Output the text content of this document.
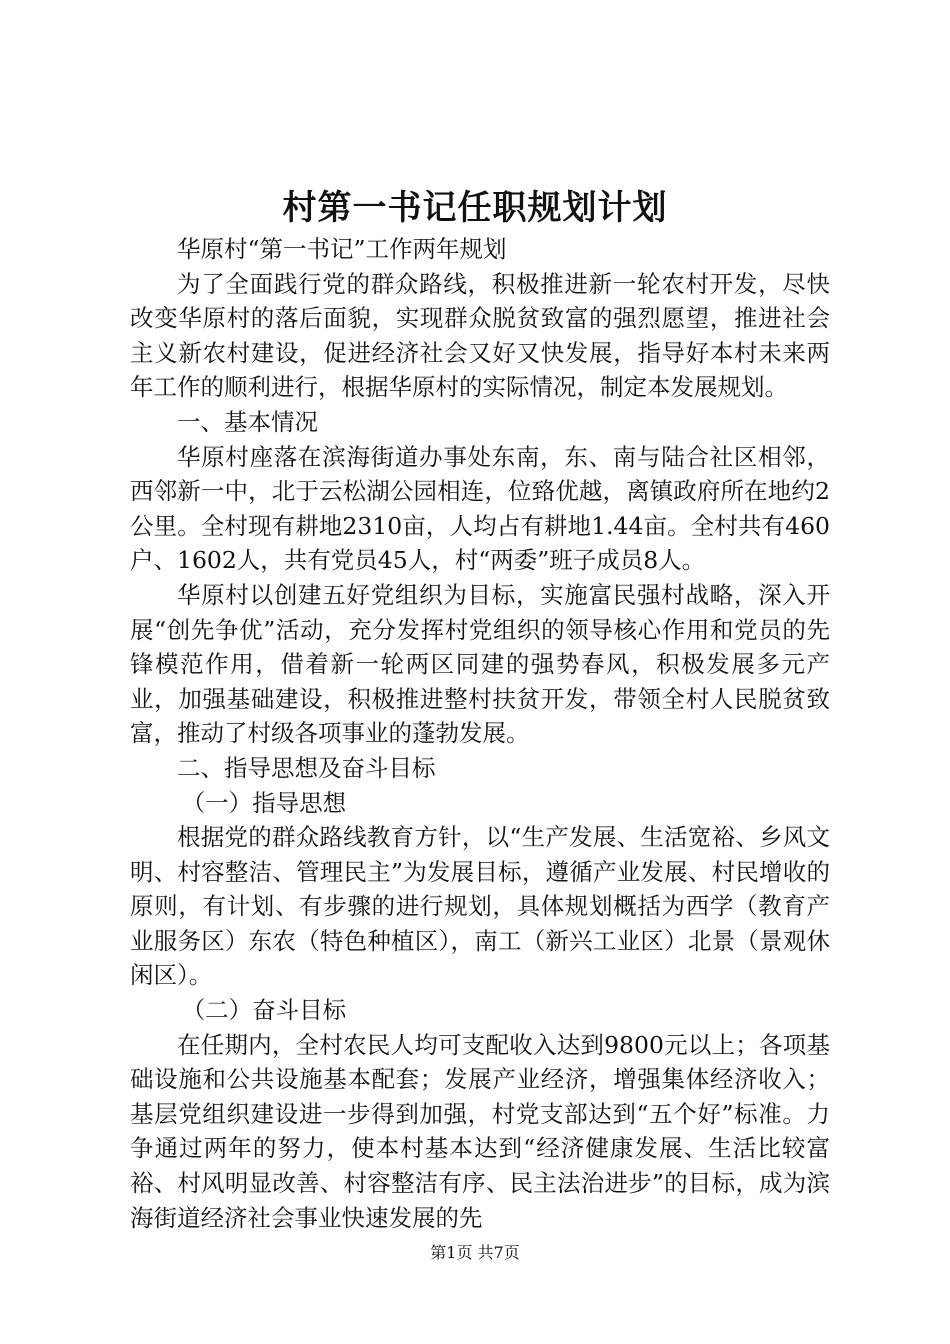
村第一书记任职规划计划

华原村“第一书记”工作两年规划

为了全面践行党的群众路线，积极推进新一轮农村开发，尽快改变华原村的落后面貌，实现群众脱贫致富的强烈愿望，推进社会主义新农村建设，促进经济社会又好又快发展，指导好本村未来两年工作的顺利进行，根据华原村的实际情况，制定本发展规划。

一、基本情况

华原村座落在滨海街道办事处东南，东、南与陆合社区相邻，西邻新一中，北于云松湖公园相连，位臵优越，离镇政府所在地约2公里。全村现有耕地2310亩，人均占有耕地1.44亩。全村共有460户、1602人，共有党员45人，村“两委”班子成员8人。

华原村以创建五好党组织为目标，实施富民强村战略，深入开展“创先争优”活动，充分发挥村党组织的领导核心作用和党员的先锋模范作用，借着新一轮两区同建的强势春风，积极发展多元产业，加强基础建设，积极推进整村扶贫开发，带领全村人民脱贫致富，推动了村级各项事业的蓬勃发展。

二、指导思想及奋斗目标

（一）指导思想

根据党的群众路线教育方针，以“生产发展、生活宽裕、乡风文明、村容整洁、管理民主”为发展目标，遵循产业发展、村民增收的原则，有计划、有步骤的进行规划，具体规划概括为西学（教育产业服务区）东农（特色种植区），南工（新兴工业区）北景（景观休闲区）。

（二）奋斗目标

在任期内，全村农民人均可支配收入达到9800元以上；各项基础设施和公共设施基本配套；发展产业经济，增强集体经济收入；基层党组织建设进一步得到加强，村党支部达到“五个好”标准。力争通过两年的努力，使本村基本达到“经济健康发展、生活比较富裕、村风明显改善、村容整洁有序、民主法治进步”的目标，成为滨海街道经济社会事业快速发展的先

第1页 共7页
